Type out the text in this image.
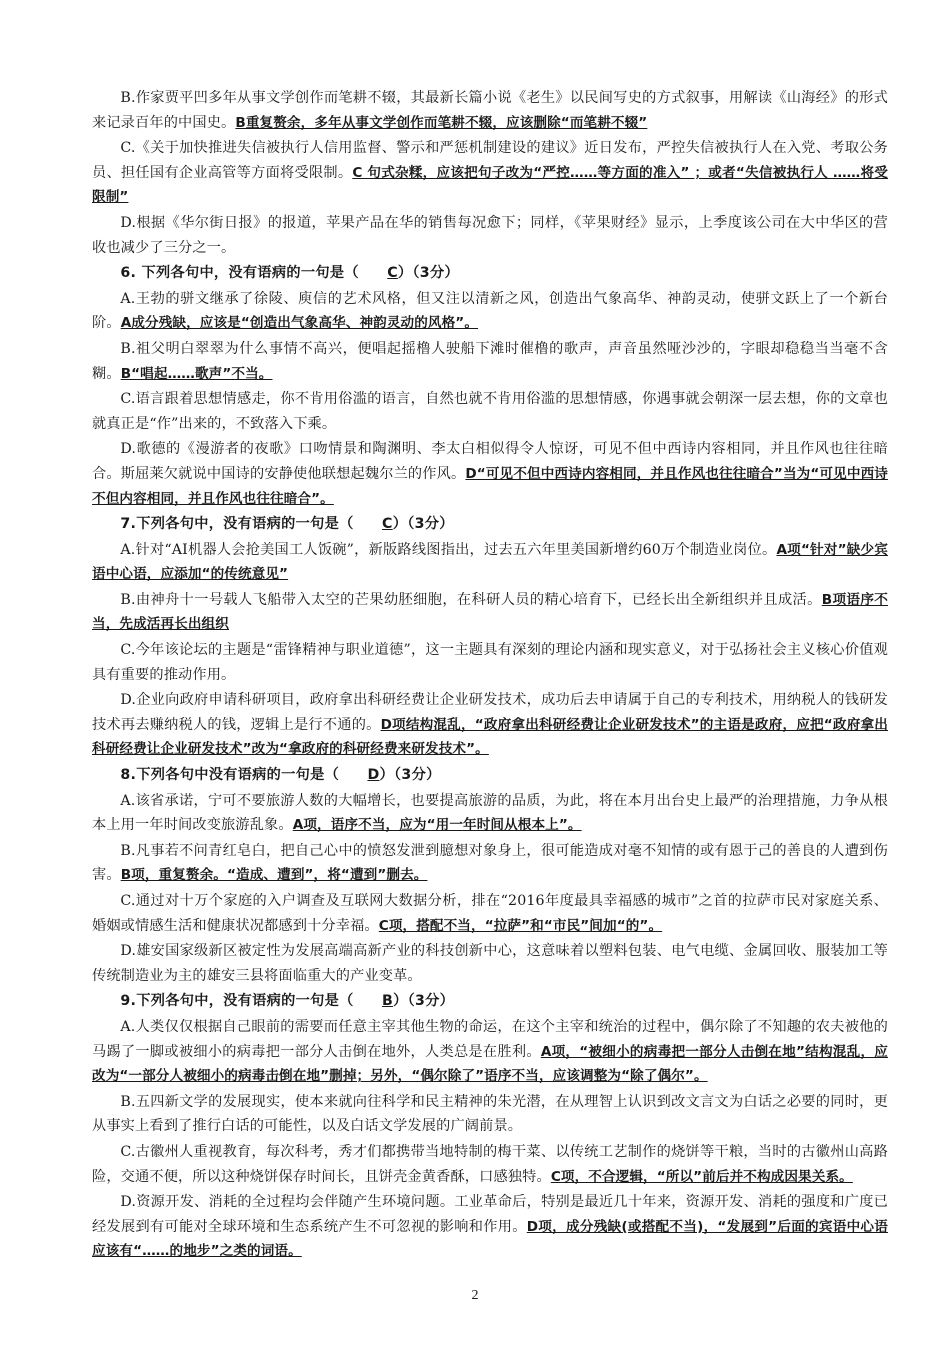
B.作家贾平凹多年从事文学创作而笔耕不辍，其最新长篇小说《老生》以民间写史的方式叙事，用解读《山海经》的形式来记录百年的中国史。B重复赘余，多年从事文学创作而笔耕不辍，应该删除“而笔耕不辍”

C.《关于加快推进失信被执行人信用监督、警示和严惩机制建设的建议》近日发布，严控失信被执行人在入党、考取公务员、担任国有企业高管等方面将受限制。C 句式杂糅，应该把句子改为“严控……等方面的准入” ；或者“失信被执行人 ……将受限制”

D.根据《华尔街日报》的报道，苹果产品在华的销售每况愈下；同样，《苹果财经》显示，上季度该公司在大中华区的营收也减少了三分之一。

6. 下列各句中，没有语病的一句是（ C）（3分）

A.王勃的骈文继承了徐陵、庾信的艺术风格，但又注以清新之风，创造出气象高华、神韵灵动，使骈文跃上了一个新台阶。A成分残缺，应该是“创造出气象高华、神韵灵动的风格”。

B.祖父明白翠翠为什么事情不高兴，便唱起摇橹人驶船下滩时催橹的歌声，声音虽然哑沙沙的，字眼却稳稳当当毫不含糊。B“唱起……歌声”不当。

C.语言跟着思想情感走，你不肯用俗滥的语言，自然也就不肯用俗滥的思想情感，你遇事就会朝深一层去想，你的文章也就真正是“作”出来的，不致落入下乘。

D.歌德的《漫游者的夜歌》口吻情景和陶渊明、李太白相似得令人惊讶，可见不但中西诗内容相同，并且作风也往往暗合。斯屈莱欠就说中国诗的安静使他联想起魏尔兰的作风。D“可见不但中西诗内容相同，并且作风也往往暗合”当为“可见中西诗不但内容相同，并且作风也往往暗合”。

7.下列各句中，没有语病的一句是（ C）（3分）

A.针对“AI机器人会抢美国工人饭碗”，新版路线图指出，过去五六年里美国新增约60万个制造业岗位。A项“针对”缺少宾语中心语，应添加“的传统意见”

B.由神舟十一号载人飞船带入太空的芒果幼胚细胞，在科研人员的精心培育下，已经长出全新组织并且成活。B项语序不当，先成活再长出组织

C.今年该论坛的主题是“雷锋精神与职业道德”，这一主题具有深刻的理论内涵和现实意义，对于弘扬社会主义核心价值观具有重要的推动作用。

D.企业向政府申请科研项目，政府拿出科研经费让企业研发技术，成功后去申请属于自己的专利技术，用纳税人的钱研发技术再去赚纳税人的钱，逻辑上是行不通的。D项结构混乱，“政府拿出科研经费让企业研发技术”的主语是政府，应把“政府拿出科研经费让企业研发技术”改为“拿政府的科研经费来研发技术”。

8.下列各句中没有语病的一句是（ D）（3分）

A.该省承诺，宁可不要旅游人数的大幅增长，也要提高旅游的品质，为此，将在本月出台史上最严的治理措施，力争从根本上用一年时间改变旅游乱象。A项，语序不当，应为“用一年时间从根本上”。

B.凡事若不问青红皂白，把自己心中的愤怒发泄到臆想对象身上，很可能造成对毫不知情的或有恩于己的善良的人遭到伤害。B项，重复赘余。“造成、遭到”，将“遭到”删去。

C.通过对十万个家庭的入户调查及互联网大数据分析，排在“2016年度最具幸福感的城市”之首的拉萨市民对家庭关系、婚姻或情感生活和健康状况都感到十分幸福。C项，搭配不当，“拉萨”和“市民”间加“的”。

D.雄安国家级新区被定性为发展高端高新产业的科技创新中心，这意味着以塑料包装、电气电缆、金属回收、服装加工等传统制造业为主的雄安三县将面临重大的产业变革。

9.下列各句中，没有语病的一句是（ B）（3分）

A.人类仅仅根据自己眼前的需要而任意主宰其他生物的命运，在这个主宰和统治的过程中，偶尔除了不知趣的农夫被他的马踢了一脚或被细小的病毒把一部分人击倒在地外，人类总是在胜利。A项，“被细小的病毒把一部分人击倒在地”结构混乱，应改为“一部分人被细小的病毒击倒在地”删掉；另外，“偶尔除了”语序不当，应该调整为“除了偶尔”。

B.五四新文学的发展现实，使本来就向往科学和民主精神的朱光潜，在从理智上认识到改文言文为白话之必要的同时，更从事实上看到了推行白话的可能性，以及白话文学发展的广阔前景。

C.古徽州人重视教育，每次科考，秀才们都携带当地特制的梅干菜、以传统工艺制作的烧饼等干粮，当时的古徽州山高路险，交通不便，所以这种烧饼保存时间长，且饼壳金黄香酥，口感独特。C项，不合逻辑，“所以”前后并不构成因果关系。

D.资源开发、消耗的全过程均会伴随产生环境问题。工业革命后，特别是最近几十年来，资源开发、消耗的强度和广度已经发展到有可能对全球环境和生态系统产生不可忽视的影响和作用。D项，成分残缺(或搭配不当)，“发展到”后面的宾语中心语应该有“……的地步”之类的词语。

2
